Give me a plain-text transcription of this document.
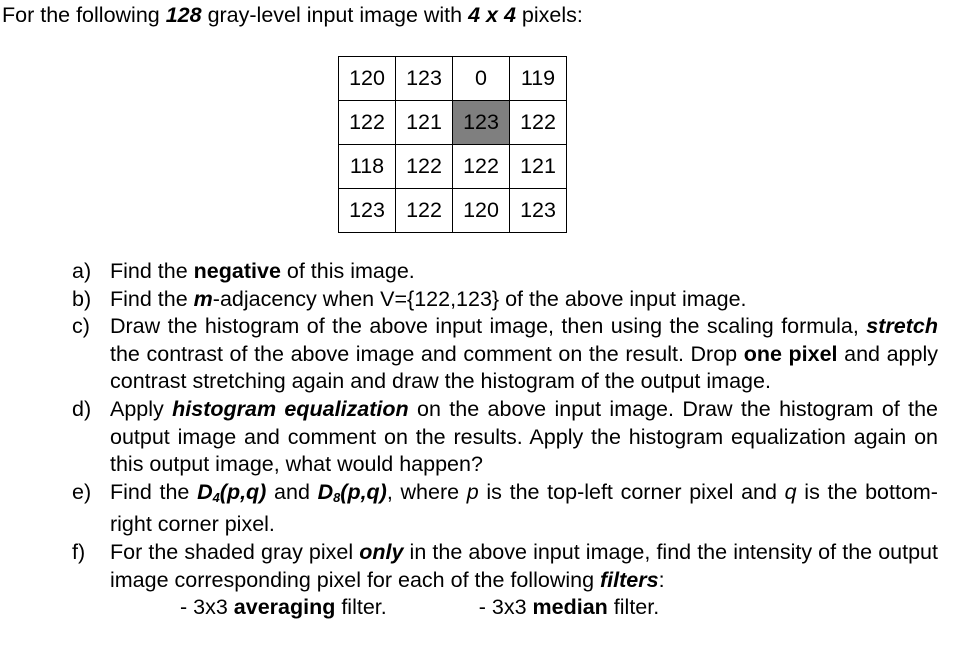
For the following 128 gray-level input image with 4 x 4 pixels:
120	123	0	119
122	121	123	122
118	122	122	121
123	122	120	123
a) Find the negative of this image.
b) Find the m-adjacency when V={122,123} of the above input image.
c) Draw the histogram of the above input image, then using the scaling formula, stretch the contrast of the above image and comment on the result. Drop one pixel and apply contrast stretching again and draw the histogram of the output image.
d) Apply histogram equalization on the above input image. Draw the histogram of the output image and comment on the results. Apply the histogram equalization again on this output image, what would happen?
e) Find the $D_4(p,q)$ and $D_8(p,q)$, where p is the top-left corner pixel and q is the bottom-right corner pixel.
f) For the shaded gray pixel only in the above input image, find the intensity of the output image corresponding pixel for each of the following filters:
- 3x3 averaging filter.	- 3x3 median filter.
